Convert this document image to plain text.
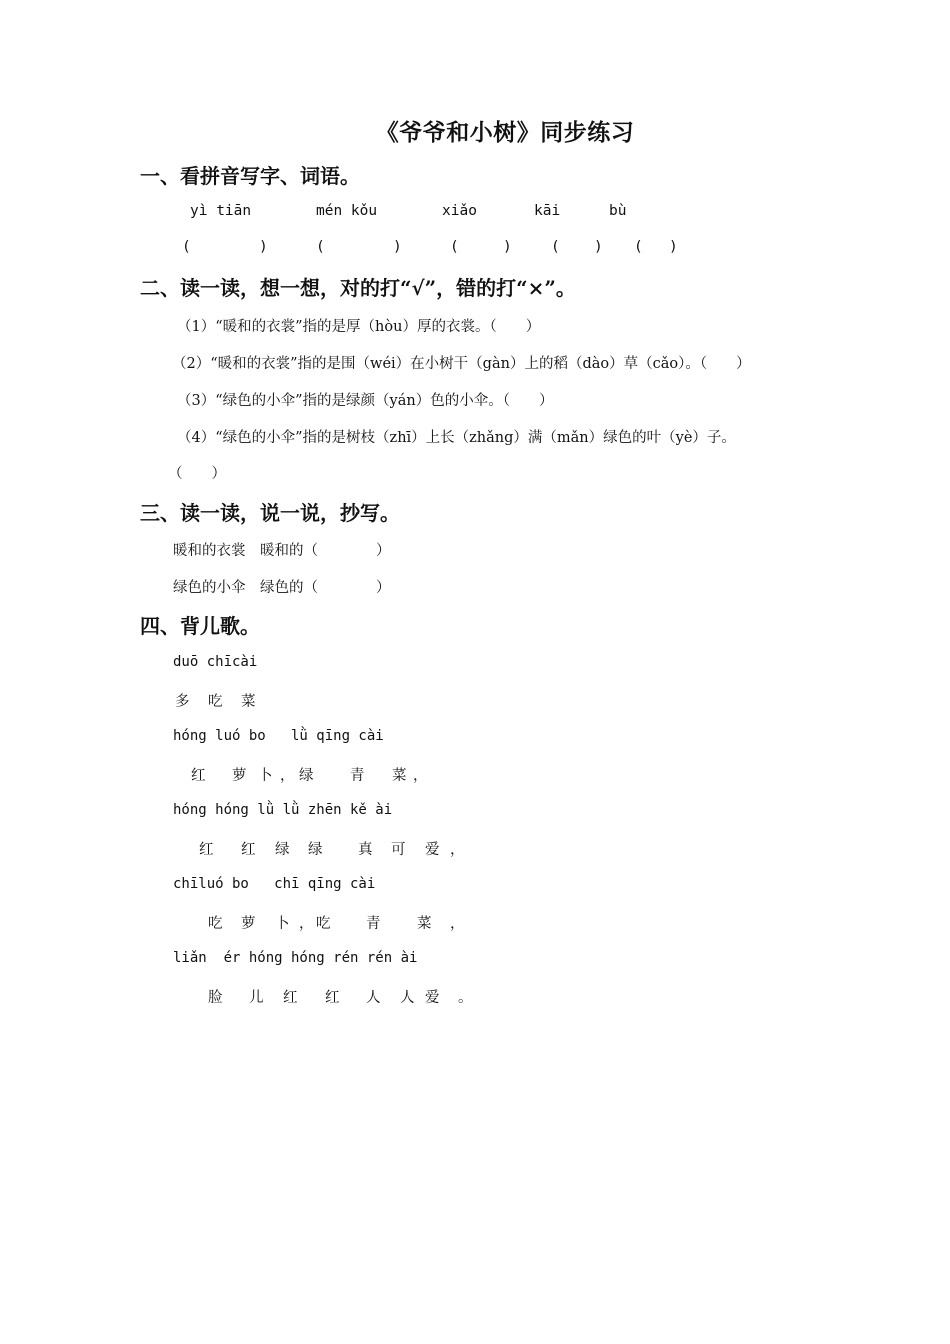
《爷爷和小树》同步练习
一、看拼音写字、词语。
yì tiān	mén kǒu	xiǎo	kāi	bù
(	)	(	)	(	)	( ) ( )
二、读一读，想一想，对的打“√”，错的打“×”。
（1）“暖和的衣裳”指的是厚（hòu）厚的衣裳。（　　）
（2）“暖和的衣裳”指的是围（wéi）在小树干（gàn）上的稻（dào）草（cǎo）。（　　）
（3）“绿色的小伞”指的是绿颜（yán）色的小伞。（　　）
（4）“绿色的小伞”指的是树枝（zhī）上长（zhǎng）满（mǎn）绿色的叶（yè）子。
（　　）
三、读一读，说一说，抄写。
暖和的衣裳　暖和的（　　　　）
绿色的小伞　绿色的（　　　　）
四、背儿歌。
duō chīcài
多 吃 菜
hóng luó bo   lǜ qīng cài
红 萝 卜 ， 绿	青 菜 ，
hóng hóng lǜ lǜ zhēn kě ài
红 红 绿 绿 真 可 爱 ，
chīluó bo   chī qīng cài
吃 萝 卜 ， 吃 青	菜 ，
liǎn  ér hóng hóng rén rén ài
脸 儿 红 红 人 人 爱 。
